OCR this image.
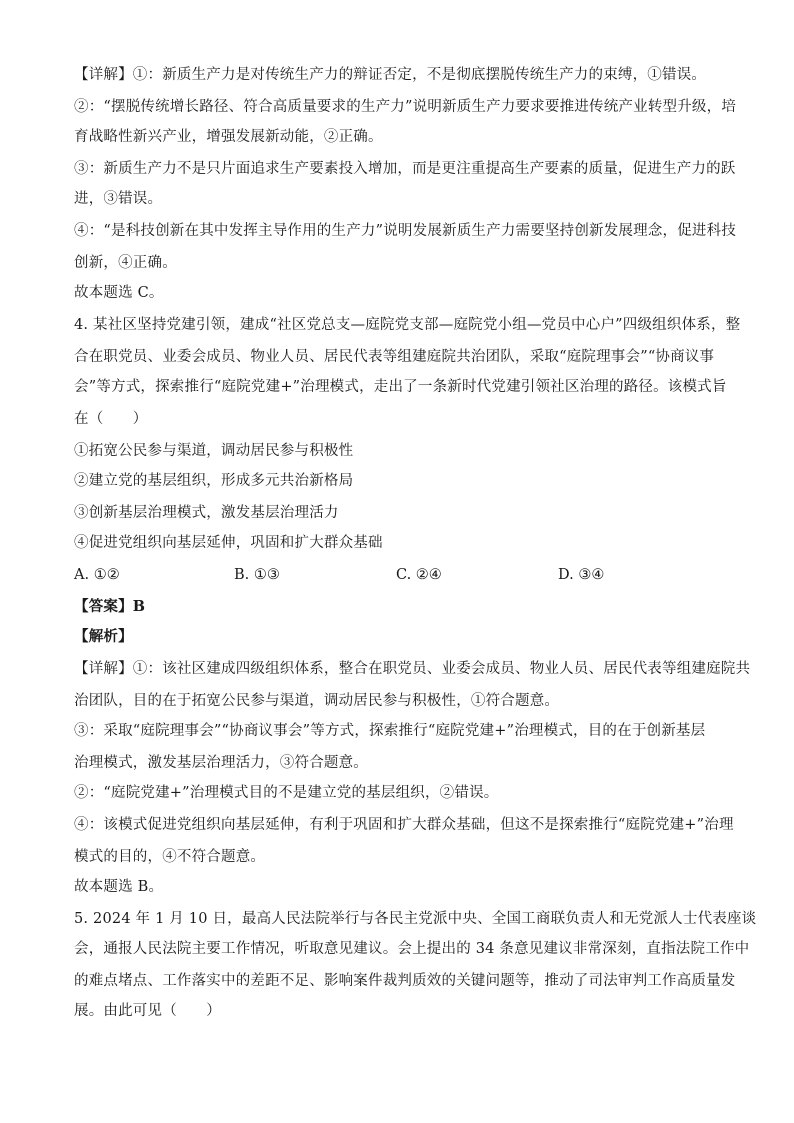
【详解】①：新质生产力是对传统生产力的辩证否定，不是彻底摆脱传统生产力的束缚，①错误。
②：“摆脱传统增长路径、符合高质量要求的生产力”说明新质生产力要求要推进传统产业转型升级，培
育战略性新兴产业，增强发展新动能，②正确。
③：新质生产力不是只片面追求生产要素投入增加，而是更注重提高生产要素的质量，促进生产力的跃
进，③错误。
④：“是科技创新在其中发挥主导作用的生产力”说明发展新质生产力需要坚持创新发展理念，促进科技
创新，④正确。
故本题选 C。
4. 某社区坚持党建引领，建成“社区党总支—庭院党支部—庭院党小组—党员中心户”四级组织体系，整
合在职党员、业委会成员、物业人员、居民代表等组建庭院共治团队，采取“庭院理事会”“协商议事
会”等方式，探索推行“庭院党建+”治理模式，走出了一条新时代党建引领社区治理的路径。该模式旨
在（　　）
①拓宽公民参与渠道，调动居民参与积极性
②建立党的基层组织，形成多元共治新格局
③创新基层治理模式，激发基层治理活力
④促进党组织向基层延伸，巩固和扩大群众基础
A. ①②	B. ①③	C. ②④	D. ③④
【答案】B
【解析】
【详解】①：该社区建成四级组织体系，整合在职党员、业委会成员、物业人员、居民代表等组建庭院共
治团队，目的在于拓宽公民参与渠道，调动居民参与积极性，①符合题意。
③：采取“庭院理事会”“协商议事会”等方式，探索推行“庭院党建+”治理模式，目的在于创新基层
治理模式，激发基层治理活力，③符合题意。
②：“庭院党建+”治理模式目的不是建立党的基层组织，②错误。
④：该模式促进党组织向基层延伸，有利于巩固和扩大群众基础，但这不是探索推行“庭院党建+”治理
模式的目的，④不符合题意。
故本题选 B。
5. 2024 年 1 月 10 日，最高人民法院举行与各民主党派中央、全国工商联负责人和无党派人士代表座谈
会，通报人民法院主要工作情况，听取意见建议。会上提出的 34 条意见建议非常深刻，直指法院工作中
的难点堵点、工作落实中的差距不足、影响案件裁判质效的关键问题等，推动了司法审判工作高质量发
展。由此可见（　　）
